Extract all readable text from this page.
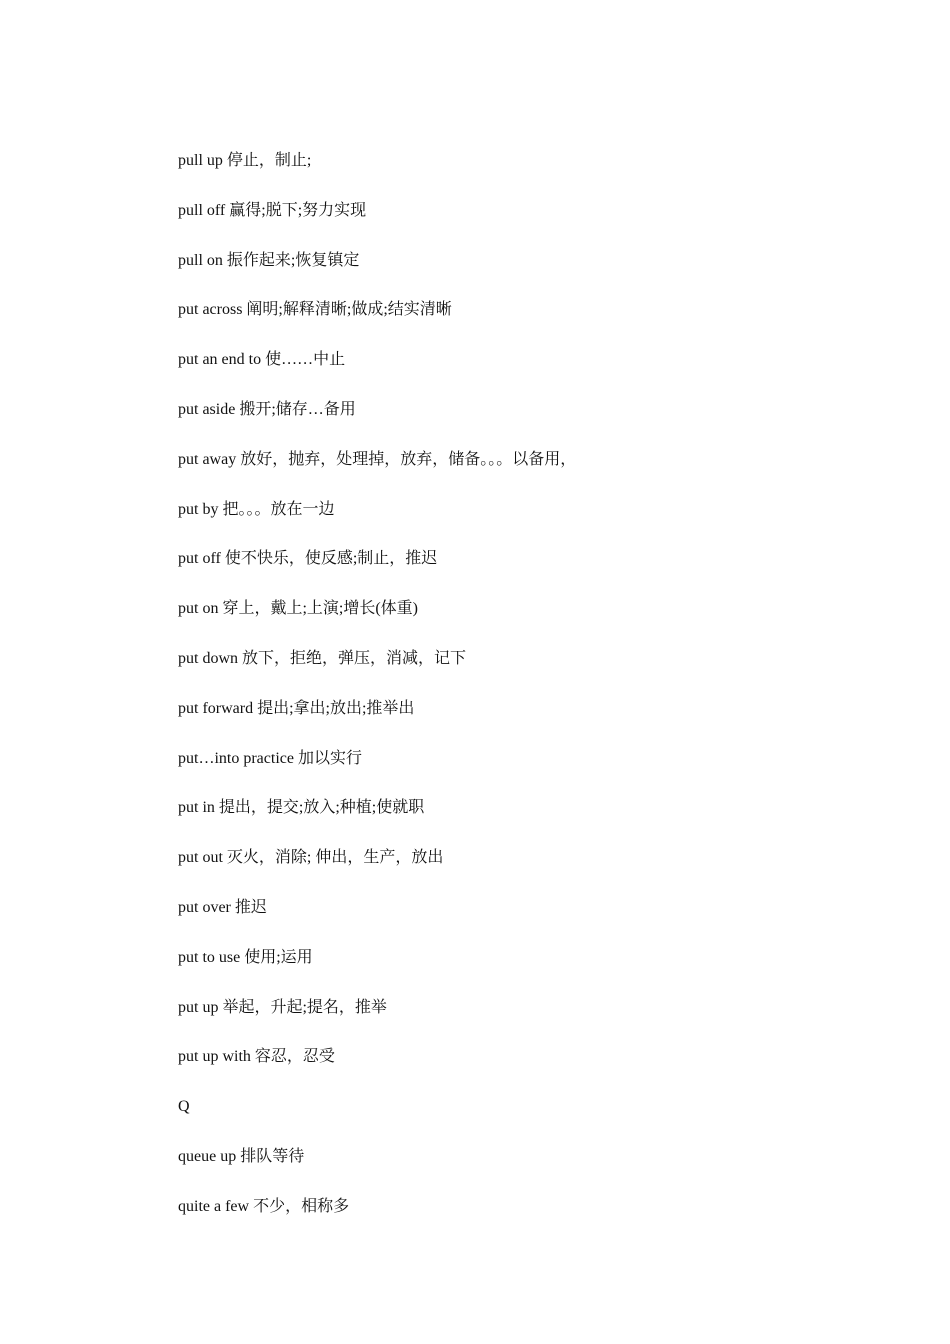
pull up 停止，制止;
pull off 赢得;脱下;努力实现
pull on 振作起来;恢复镇定
put across 阐明;解释清晰;做成;结实清晰
put an end to 使……中止
put aside 搬开;储存…备用
put away 放好，抛弃，处理掉，放弃，储备。。。以备用，
put by 把。。。放在一边
put off 使不快乐，使反感;制止，推迟
put on 穿上，戴上;上演;增长(体重)
put down 放下，拒绝，弹压，消减，记下
put forward 提出;拿出;放出;推举出
put…into practice 加以实行
put in 提出，提交;放入;种植;使就职
put out 灭火，消除; 伸出，生产，放出
put over 推迟
put to use 使用;运用
put up 举起，升起;提名，推举
put up with 容忍，忍受
Q
queue up 排队等待
quite a few 不少，相称多
